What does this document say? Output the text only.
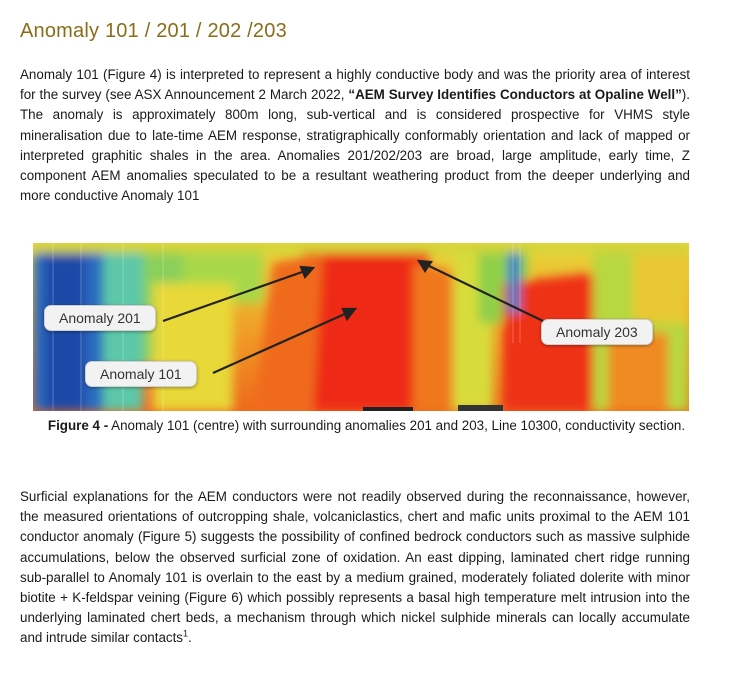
Anomaly 101 / 201 / 202 /203

Anomaly 101 (Figure 4) is interpreted to represent a highly conductive body and was the priority area of interest for the survey (see ASX Announcement 2 March 2022, “AEM Survey Identifies Conductors at Opaline Well”). The anomaly is approximately 800m long, sub-vertical and is considered prospective for VHMS style mineralisation due to late-time AEM response, stratigraphically conformably orientation and lack of mapped or interpreted graphitic shales in the area. Anomalies 201/202/203 are broad, large amplitude, early time, Z component AEM anomalies speculated to be a resultant weathering product from the deeper underlying and more conductive Anomaly 101

Anomaly 201
Anomaly 101
Anomaly 203
Figure 4 - Anomaly 101 (centre) with surrounding anomalies 201 and 203, Line 10300, conductivity section.

Surficial explanations for the AEM conductors were not readily observed during the reconnaissance, however, the measured orientations of outcropping shale, volcaniclastics, chert and mafic units proximal to the AEM 101 conductor anomaly (Figure 5) suggests the possibility of confined bedrock conductors such as massive sulphide accumulations, below the observed surficial zone of oxidation. An east dipping, laminated chert ridge running sub-parallel to Anomaly 101 is overlain to the east by a medium grained, moderately foliated dolerite with minor biotite + K-feldspar veining (Figure 6) which possibly represents a basal high temperature melt intrusion into the underlying laminated chert beds, a mechanism through which nickel sulphide minerals can locally accumulate and intrude similar contacts$^1$.
